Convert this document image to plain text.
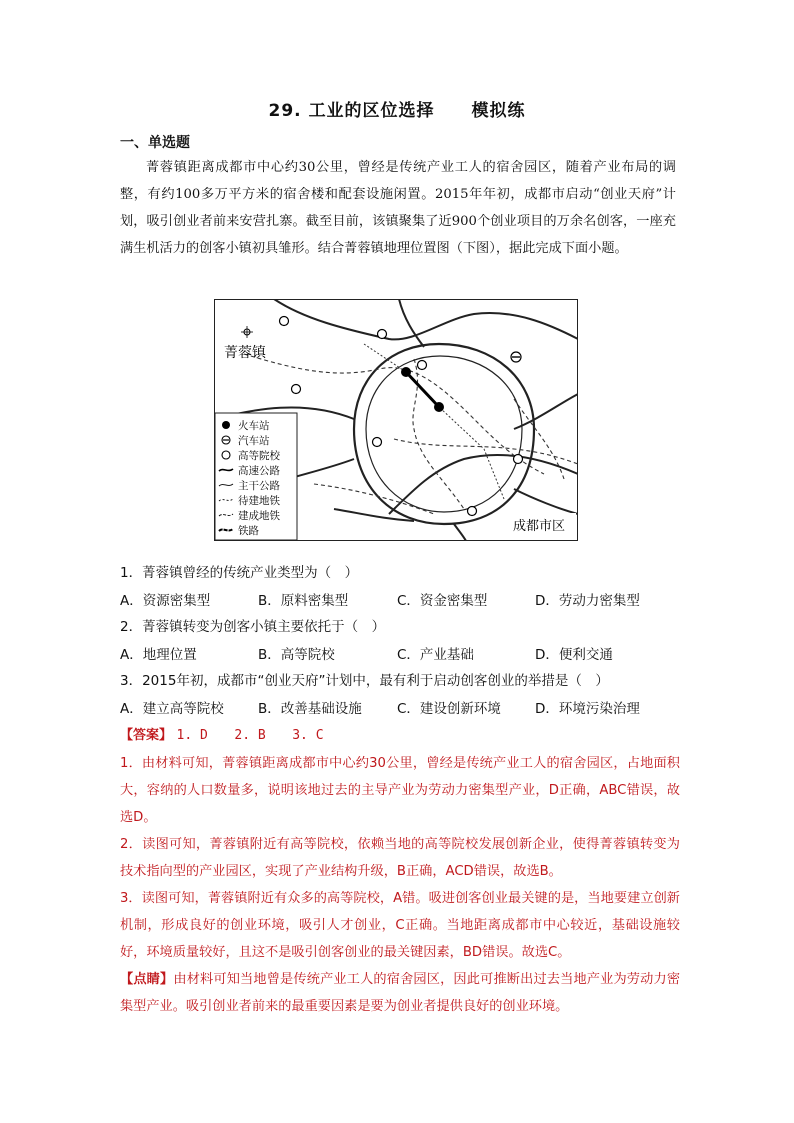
29. 工业的区位选择 模拟练
一、单选题

菁蓉镇距离成都市中心约30公里，曾经是传统产业工人的宿舍园区，随着产业布局的调整，有约100多万平方米的宿舍楼和配套设施闲置。2015年年初，成都市启动“创业天府”计划，吸引创业者前来安营扎寨。截至目前，该镇聚集了近900个创业项目的万余名创客，一座充满生机活力的创客小镇初具雏形。结合菁蓉镇地理位置图（下图），据此完成下面小题。

菁蓉镇
成都市区
火车站
汽车站
高等院校
高速公路
主干公路
待建地铁
建成地铁
铁路
1．菁蓉镇曾经的传统产业类型为（　）
A．资源密集型	B．原料密集型	C．资金密集型	D．劳动力密集型
2．菁蓉镇转变为创客小镇主要依托于（　）
A．地理位置	B．高等院校	C．产业基础	D．便利交通
3．2015年初，成都市“创业天府”计划中，最有利于启动创客创业的举措是（　）
A．建立高等院校	B．改善基础设施	C．建设创新环境	D．环境污染治理
【答案】 1. D 2. B 3. C

1．由材料可知，菁蓉镇距离成都市中心约30公里，曾经是传统产业工人的宿舍园区，占地面积大，容纳的人口数量多，说明该地过去的主导产业为劳动力密集型产业，D正确，ABC错误，故选D。

2．读图可知，菁蓉镇附近有高等院校，依赖当地的高等院校发展创新企业，使得菁蓉镇转变为技术指向型的产业园区，实现了产业结构升级，B正确，ACD错误，故选B。

3．读图可知，菁蓉镇附近有众多的高等院校，A错。吸进创客创业最关键的是，当地要建立创新机制，形成良好的创业环境，吸引人才创业，C正确。当地距离成都市中心较近，基础设施较好，环境质量较好，且这不是吸引创客创业的最关键因素，BD错误。故选C。

【点睛】由材料可知当地曾是传统产业工人的宿舍园区，因此可推断出过去当地产业为劳动力密集型产业。吸引创业者前来的最重要因素是要为创业者提供良好的创业环境。
